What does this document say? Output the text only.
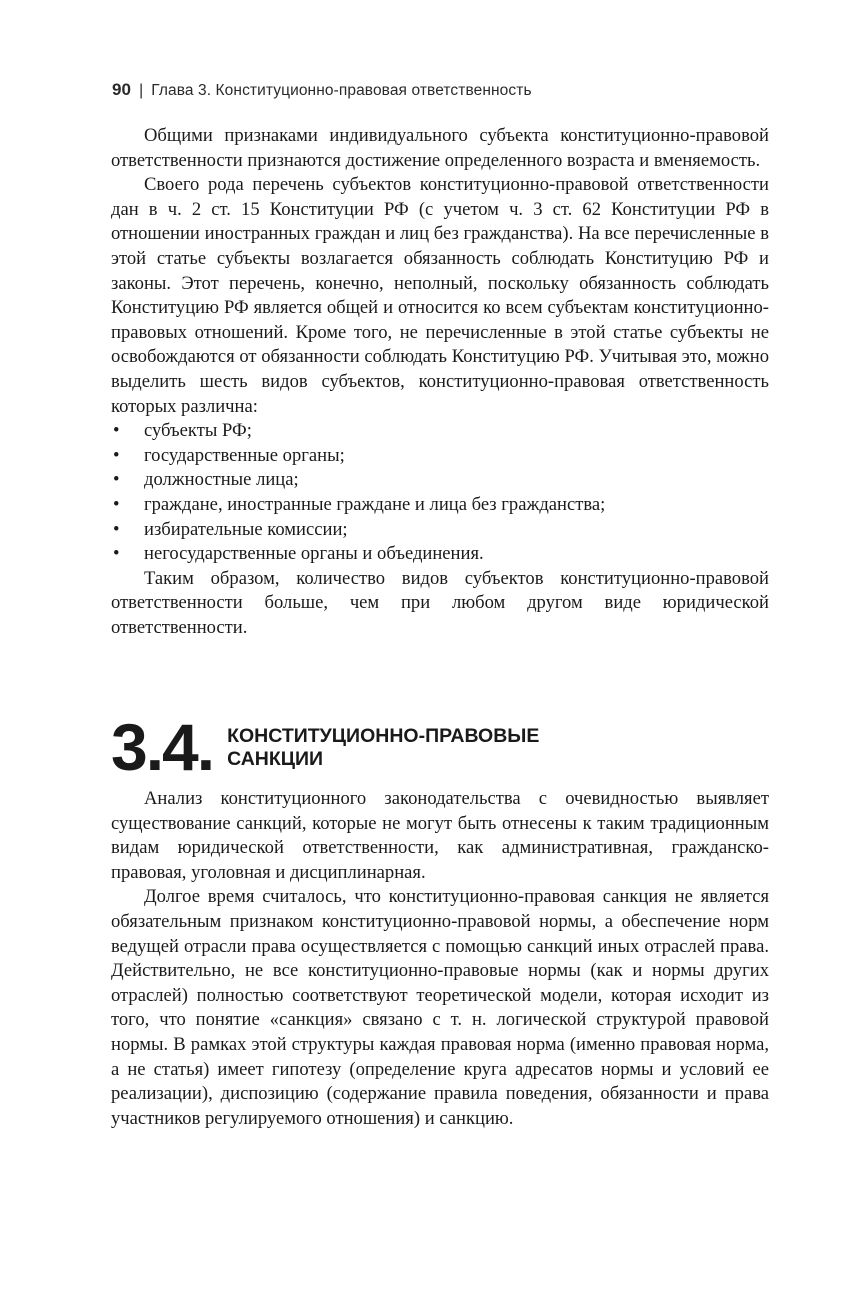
90 | Глава 3. Конституционно-правовая ответственность

Общими признаками индивидуального субъекта конституционно-правовой ответственности признаются достижение определенного возраста и вменяемость.

Своего рода перечень субъектов конституционно-правовой ответственности дан в ч. 2 ст. 15 Конституции РФ (с учетом ч. 3 ст. 62 Конституции РФ в отношении иностранных граждан и лиц без гражданства). На все перечисленные в этой статье субъекты возлагается обязанность соблюдать Конституцию РФ и законы. Этот перечень, конечно, неполный, поскольку обязанность соблюдать Конституцию РФ является общей и относится ко всем субъектам конституционно-правовых отношений. Кроме того, не перечисленные в этой статье субъекты не освобождаются от обязанности соблюдать Конституцию РФ. Учитывая это, можно выделить шесть видов субъектов, конституционно-правовая ответственность которых различна:

• субъекты РФ;
• государственные органы;
• должностные лица;
• граждане, иностранные граждане и лица без гражданства;
• избирательные комиссии;
• негосударственные органы и объединения.

Таким образом, количество видов субъектов конституционно-правовой ответственности больше, чем при любом другом виде юридической ответственности.

3.4. КОНСТИТУЦИОННО-ПРАВОВЫЕ
САНКЦИИ

Анализ конституционного законодательства с очевидностью выявляет существование санкций, которые не могут быть отнесены к таким традиционным видам юридической ответственности, как административная, гражданско-правовая, уголовная и дисциплинарная.

Долгое время считалось, что конституционно-правовая санкция не является обязательным признаком конституционно-правовой нормы, а обеспечение норм ведущей отрасли права осуществляется с помощью санкций иных отраслей права. Действительно, не все конституционно-правовые нормы (как и нормы других отраслей) полностью соответствуют теоретической модели, которая исходит из того, что понятие «санкция» связано с т. н. логической структурой правовой нормы. В рамках этой структуры каждая правовая норма (именно правовая норма, а не статья) имеет гипотезу (определение круга адресатов нормы и условий ее реализации), диспозицию (содержание правила поведения, обязанности и права участников регулируемого отношения) и санкцию.
